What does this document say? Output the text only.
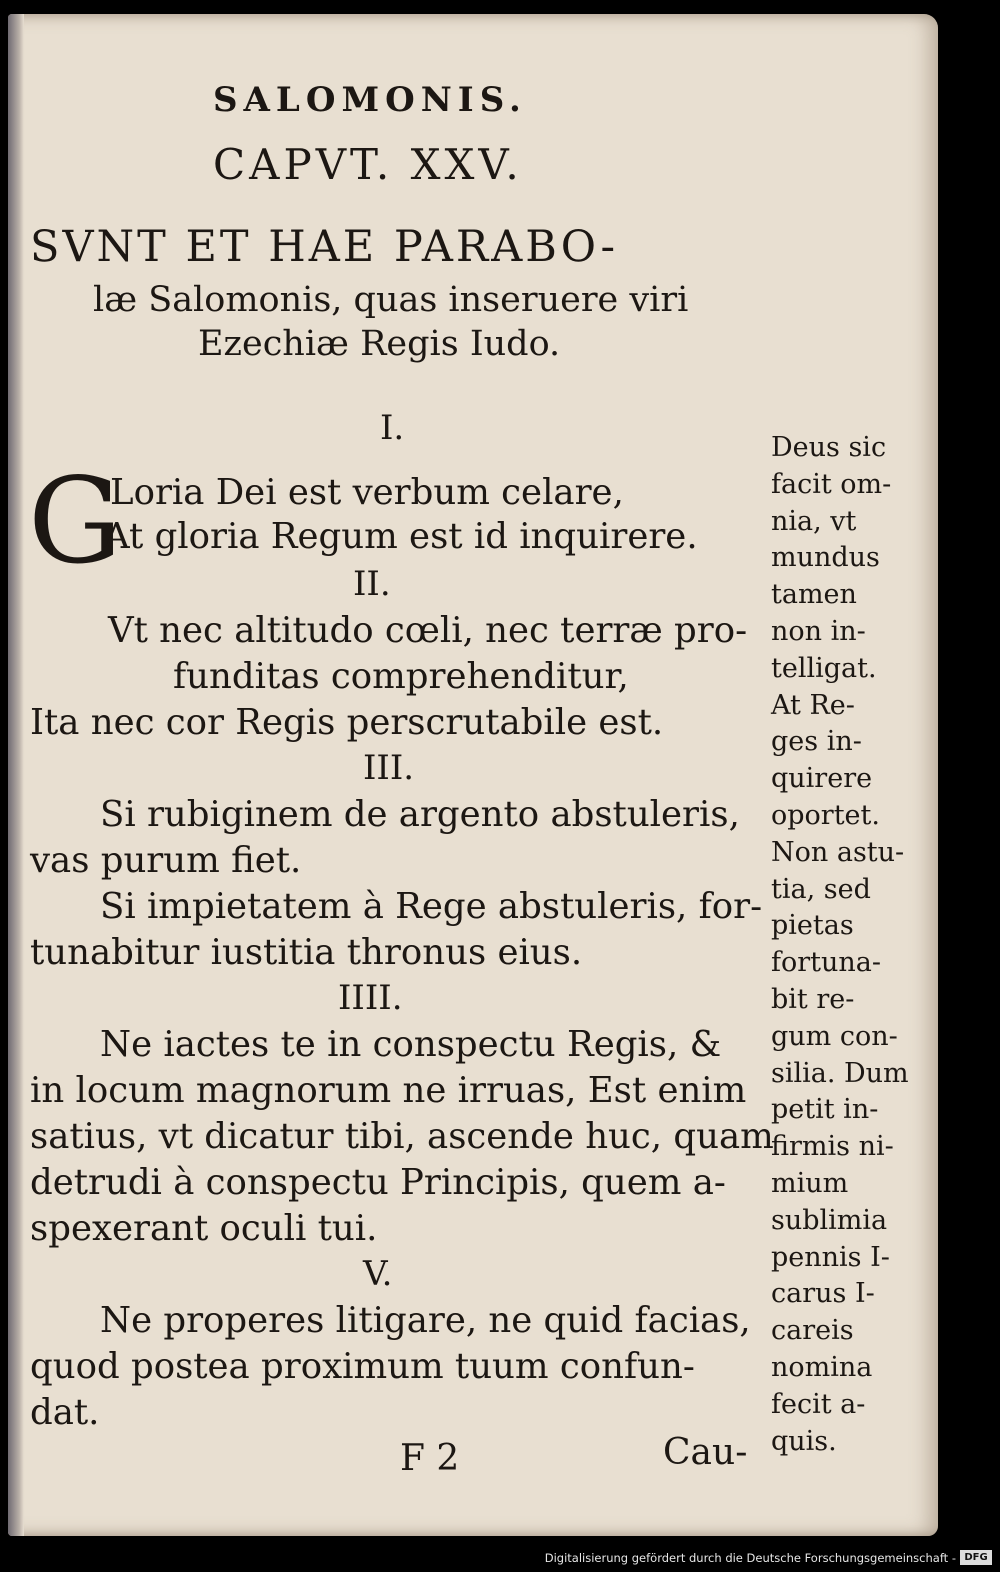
SALOMONIS.
CAPVT. XXV.
SVNT ET HAE PARABO-
læ Salomonis, quas inseruere viri
Ezechiæ Regis Iudo.
I.
G
Loria Dei est verbum celare,
At gloria Regum est id inquirere.
II.
Vt nec altitudo cœli, nec terræ pro-
funditas comprehenditur,
Ita nec cor Regis perscrutabile est.
III.
Si rubiginem de argento abstuleris,
vas purum fiet.
Si impietatem à Rege abstuleris, for-
tunabitur iustitia thronus eius.
IIII.
Ne iactes te in conspectu Regis, &
in locum magnorum ne irruas, Est enim
satius, vt dicatur tibi, ascende huc, quam
detrudi à conspectu Principis, quem a-
spexerant oculi tui.
V.
Ne properes litigare, ne quid facias,
quod postea proximum tuum confun-
dat.
Deus sic
facit om-
nia, vt
mundus
tamen
non in-
telligat.
At Re-
ges in-
quirere
oportet.
Non astu-
tia, sed
pietas
fortuna-
bit re-
gum con-
silia. Dum
petit in-
firmis ni-
mium
sublimia
pennis I-
carus I-
careis
nomina
fecit a-
quis.
F 2	Cau-
Digitalisierung gefördert durch die Deutsche Forschungsgemeinschaft - DFG
